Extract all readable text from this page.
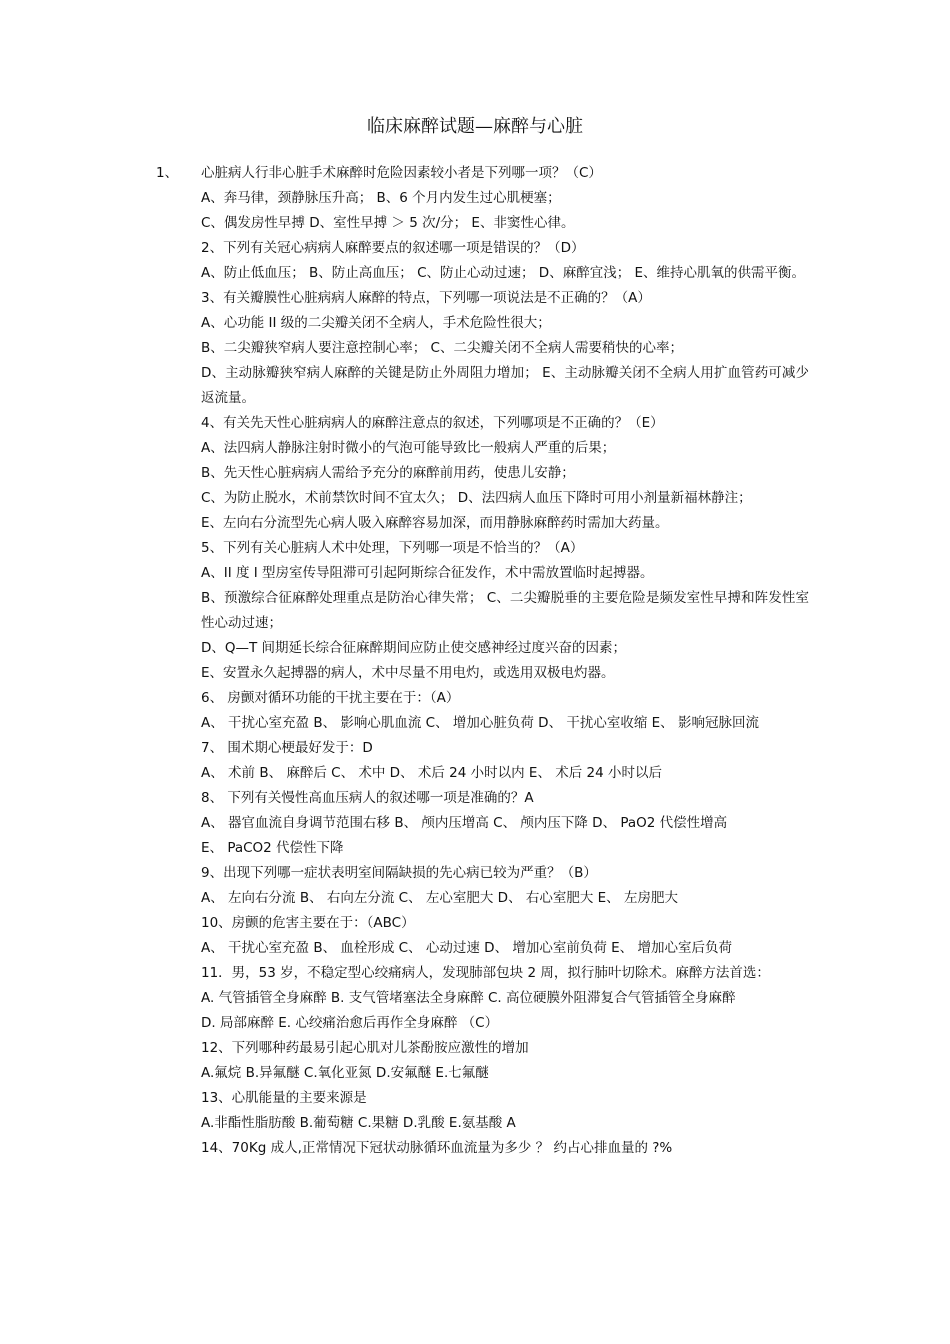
临床麻醉试题—麻醉与心脏
1、 心脏病人行非心脏手术麻醉时危险因素较小者是下列哪一项？（C）
A、奔马律，颈静脉压升高； B、6 个月内发生过心肌梗塞；
C、偶发房性早搏 D、室性早搏 ＞ 5 次/分； E、非窦性心律。
2、下列有关冠心病病人麻醉要点的叙述哪一项是错误的？（D）
A、防止低血压； B、防止高血压； C、防止心动过速； D、麻醉宜浅； E、维持心肌氧的供需平衡。
3、有关瓣膜性心脏病病人麻醉的特点，下列哪一项说法是不正确的？（A）
A、心功能 II 级的二尖瓣关闭不全病人，手术危险性很大；
B、二尖瓣狭窄病人要注意控制心率； C、二尖瓣关闭不全病人需要稍快的心率；
D、主动脉瓣狭窄病人麻醉的关键是防止外周阻力增加； E、主动脉瓣关闭不全病人用扩血管药可减少返流量。
4、有关先天性心脏病病人的麻醉注意点的叙述，下列哪项是不正确的？（E）
A、法四病人静脉注射时微小的气泡可能导致比一般病人严重的后果；
B、先天性心脏病病人需给予充分的麻醉前用药，使患儿安静；
C、为防止脱水，术前禁饮时间不宜太久； D、法四病人血压下降时可用小剂量新福林静注；
E、左向右分流型先心病人吸入麻醉容易加深，而用静脉麻醉药时需加大药量。
5、下列有关心脏病人术中处理，下列哪一项是不恰当的？（A）
A、II 度 I 型房室传导阻滞可引起阿斯综合征发作，术中需放置临时起搏器。
B、预激综合征麻醉处理重点是防治心律失常； C、二尖瓣脱垂的主要危险是频发室性早搏和阵发性室性心动过速；
D、Q—T 间期延长综合征麻醉期间应防止使交感神经过度兴奋的因素；
E、安置永久起搏器的病人，术中尽量不用电灼，或选用双极电灼器。
6、 房颤对循环功能的干扰主要在于：（A）
A、 干扰心室充盈 B、 影响心肌血流 C、 增加心脏负荷 D、 干扰心室收缩 E、 影响冠脉回流
7、 围术期心梗最好发于：D
A、 术前 B、 麻醉后 C、 术中 D、 术后 24 小时以内 E、 术后 24 小时以后
8、 下列有关慢性高血压病人的叙述哪一项是准确的？A
A、 器官血流自身调节范围右移 B、 颅内压增高 C、 颅内压下降 D、 PaO2 代偿性增高
E、 PaCO2 代偿性下降
9、出现下列哪一症状表明室间隔缺损的先心病已较为严重？（B）
A、 左向右分流 B、 右向左分流 C、 左心室肥大 D、 右心室肥大 E、 左房肥大
10、房颤的危害主要在于：（ABC）
A、 干扰心室充盈 B、 血栓形成 C、 心动过速 D、 增加心室前负荷 E、 增加心室后负荷
11．男，53 岁，不稳定型心绞痛病人，发现肺部包块 2 周，拟行肺叶切除术。麻醉方法首选：
A. 气管插管全身麻醉 B. 支气管堵塞法全身麻醉 C. 高位硬膜外阻滞复合气管插管全身麻醉
D. 局部麻醉 E. 心绞痛治愈后再作全身麻醉 （C）
12、下列哪种药最易引起心肌对儿茶酚胺应激性的增加
A.氟烷 B.异氟醚 C.氧化亚氮 D.安氟醚 E.七氟醚
13、心肌能量的主要来源是
A.非酯性脂肪酸 B.葡萄糖 C.果糖 D.乳酸 E.氨基酸 A
14、70Kg 成人,正常情况下冠状动脉循环血流量为多少 ？ 约占心排血量的 ?%
